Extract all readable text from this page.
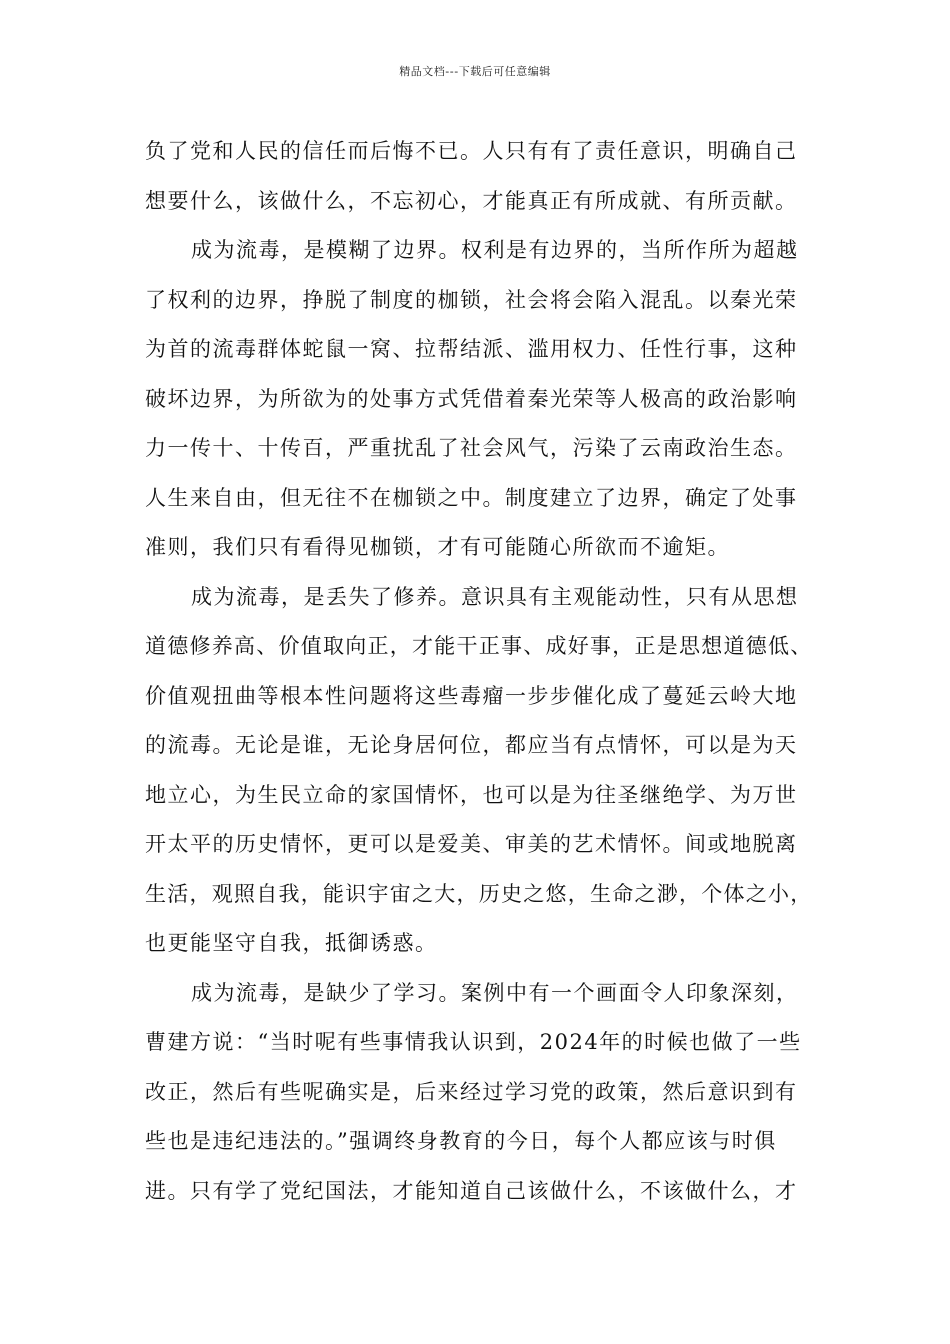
精品文档---下载后可任意编辑

负了党和人民的信任而后悔不已。人只有有了责任意识，明确自己
想要什么，该做什么，不忘初心，才能真正有所成就、有所贡献。

成为流毒，是模糊了边界。权利是有边界的，当所作所为超越
了权利的边界，挣脱了制度的枷锁，社会将会陷入混乱。以秦光荣
为首的流毒群体蛇鼠一窝、拉帮结派、滥用权力、任性行事，这种
破坏边界，为所欲为的处事方式凭借着秦光荣等人极高的政治影响
力一传十、十传百，严重扰乱了社会风气，污染了云南政治生态。
人生来自由，但无往不在枷锁之中。制度建立了边界，确定了处事
准则，我们只有看得见枷锁，才有可能随心所欲而不逾矩。

成为流毒，是丢失了修养。意识具有主观能动性，只有从思想
道德修养高、价值取向正，才能干正事、成好事，正是思想道德低、
价值观扭曲等根本性问题将这些毒瘤一步步催化成了蔓延云岭大地
的流毒。无论是谁，无论身居何位，都应当有点情怀，可以是为天
地立心，为生民立命的家国情怀，也可以是为往圣继绝学、为万世
开太平的历史情怀，更可以是爱美、审美的艺术情怀。间或地脱离
生活，观照自我，能识宇宙之大，历史之悠，生命之渺，个体之小，
也更能坚守自我，抵御诱惑。

成为流毒，是缺少了学习。案例中有一个画面令人印象深刻，
曹建方说：“当时呢有些事情我认识到，2024年的时候也做了一些
改正，然后有些呢确实是，后来经过学习党的政策，然后意识到有
些也是违纪违法的。”强调终身教育的今日，每个人都应该与时俱
进。只有学了党纪国法，才能知道自己该做什么，不该做什么，才
